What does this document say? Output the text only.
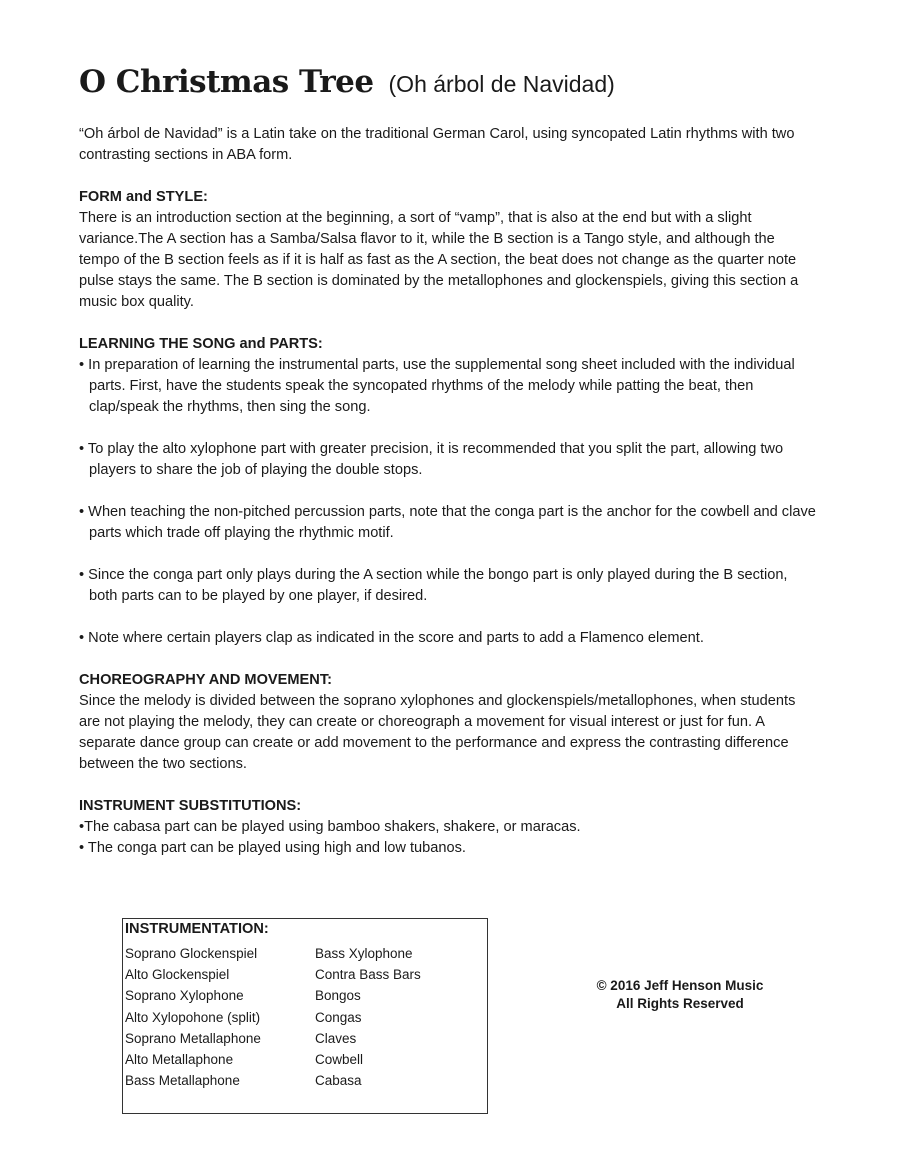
O Christmas Tree (Oh árbol de Navidad)

“Oh árbol de Navidad” is a Latin take on the traditional German Carol, using syncopated Latin rhythms with two contrasting sections in ABA form.

FORM and STYLE:

There is an introduction section at the beginning, a sort of “vamp”, that is also at the end but with a slight variance.The A section has a Samba/Salsa flavor to it, while the B section is a Tango style, and although the tempo of the B section feels as if it is half as fast as the A section, the beat does not change as the quarter note pulse stays the same. The B section is dominated by the metallophones and glockenspiels, giving this section a music box quality.

LEARNING THE SONG and PARTS:

• In preparation of learning the instrumental parts, use the supplemental song sheet included with the individual parts. First, have the students speak the syncopated rhythms of the melody while patting the beat, then clap/speak the rhythms, then sing the song.

• To play the alto xylophone part with greater precision, it is recommended that you split the part, allowing two players to share the job of playing the double stops.

• When teaching the non-pitched percussion parts, note that the conga part is the anchor for the cowbell and clave parts which trade off playing the rhythmic motif.

• Since the conga part only plays during the A section while the bongo part is only played during the B section, both parts can to be played by one player, if desired.

• Note where certain players clap as indicated in the score and parts to add a Flamenco element.

CHOREOGRAPHY AND MOVEMENT:

Since the melody is divided between the soprano xylophones and glockenspiels/metallophones, when students are not playing the melody, they can create or choreograph a movement for visual interest or just for fun. A separate dance group can create or add movement to the performance and express the contrasting difference between the two sections.

INSTRUMENT SUBSTITUTIONS:

•The cabasa part can be played using bamboo shakers, shakere, or maracas.

• The conga part can be played using high and low tubanos.

INSTRUMENTATION:
Soprano Glockenspiel
Alto Glockenspiel
Soprano Xylophone
Alto Xylopohone (split)
Soprano Metallaphone
Alto Metallaphone
Bass Metallaphone
Bass Xylophone
Contra Bass Bars
Bongos
Congas
Claves
Cowbell
Cabasa

© 2016 Jeff Henson Music

All Rights Reserved
